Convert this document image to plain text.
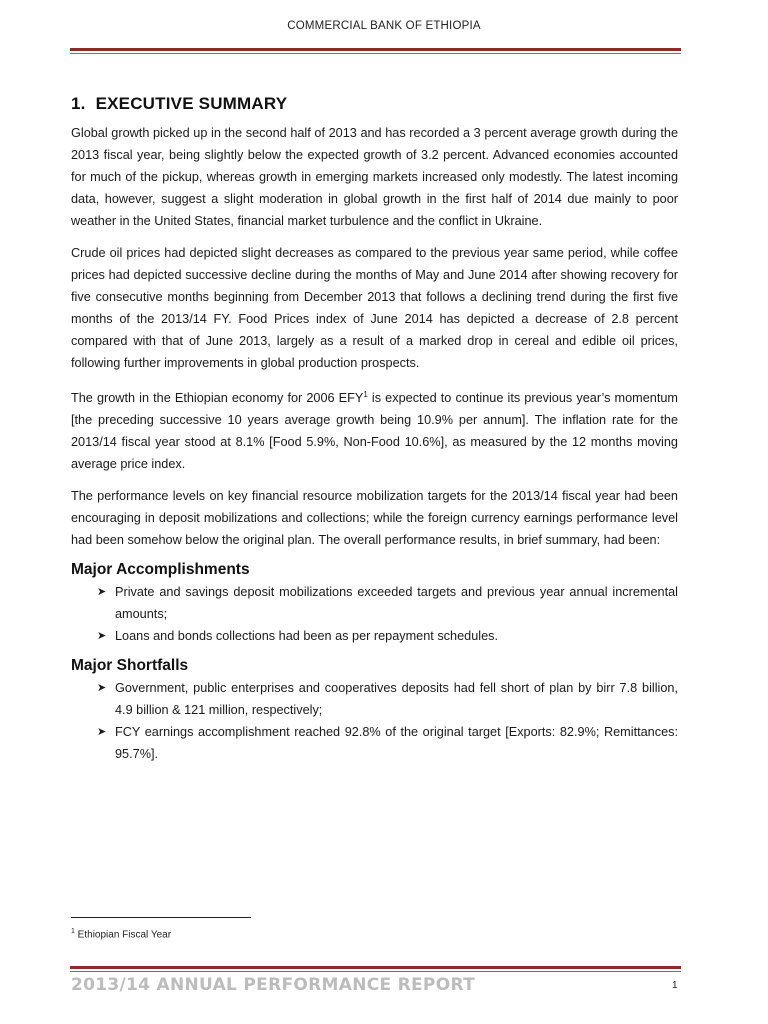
COMMERCIAL BANK OF ETHIOPIA
1. EXECUTIVE SUMMARY

Global growth picked up in the second half of 2013 and has recorded a 3 percent average growth during the 2013 fiscal year, being slightly below the expected growth of 3.2 percent. Advanced economies accounted for much of the pickup, whereas growth in emerging markets increased only modestly. The latest incoming data, however, suggest a slight moderation in global growth in the first half of 2014 due mainly to poor weather in the United States, financial market turbulence and the conflict in Ukraine.

Crude oil prices had depicted slight decreases as compared to the previous year same period, while coffee prices had depicted successive decline during the months of May and June 2014 after showing recovery for five consecutive months beginning from December 2013 that follows a declining trend during the first five months of the 2013/14 FY. Food Prices index of June 2014 has depicted a decrease of 2.8 percent compared with that of June 2013, largely as a result of a marked drop in cereal and edible oil prices, following further improvements in global production prospects.

The growth in the Ethiopian economy for 2006 EFY$^1$ is expected to continue its previous year’s momentum [the preceding successive 10 years average growth being 10.9% per annum]. The inflation rate for the 2013/14 fiscal year stood at 8.1% [Food 5.9%, Non-Food 10.6%], as measured by the 12 months moving average price index.

The performance levels on key financial resource mobilization targets for the 2013/14 fiscal year had been encouraging in deposit mobilizations and collections; while the foreign currency earnings performance level had been somehow below the original plan. The overall performance results, in brief summary, had been:

Major Accomplishments
➤ Private and savings deposit mobilizations exceeded targets and previous year annual incremental amounts;
➤ Loans and bonds collections had been as per repayment schedules.
Major Shortfalls
➤ Government, public enterprises and cooperatives deposits had fell short of plan by birr 7.8 billion, 4.9 billion & 121 million, respectively;
➤ FCY earnings accomplishment reached 92.8% of the original target [Exports: 82.9%; Remittances: 95.7%].
$^1$ Ethiopian Fiscal Year
2013/14 ANNUAL PERFORMANCE REPORT	1
